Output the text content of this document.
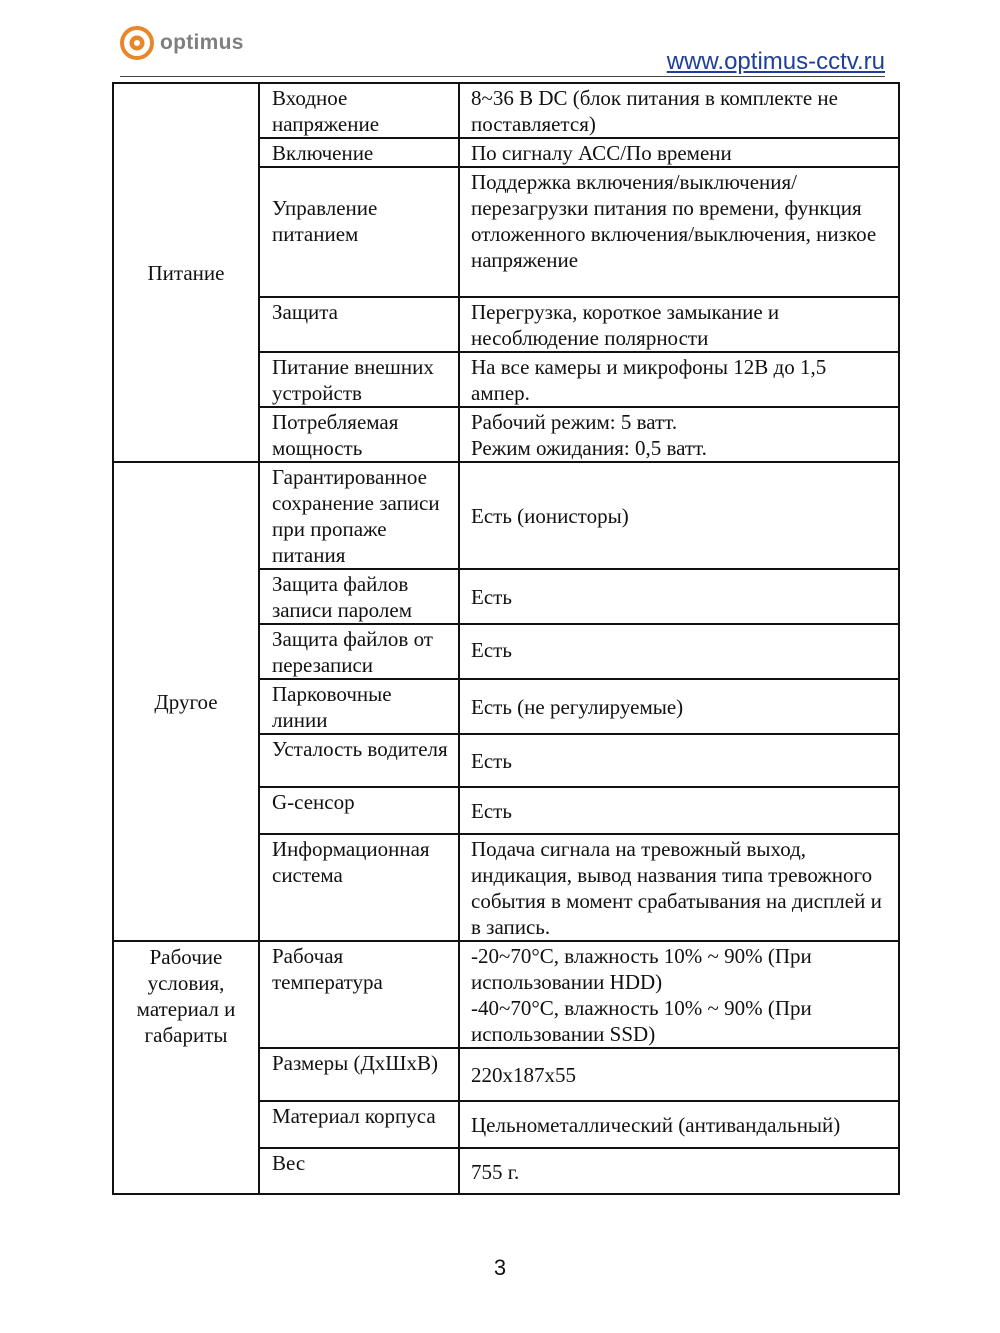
optimus
www.optimus-cctv.ru
Питание	Входное напряжение	8~36 В DC (блок питания в комплекте не поставляется)
	Включение	По сигналу АСС/По времени
	Управление питанием	Поддержка включения/выключения/ перезагрузки питания по времени, функция отложенного включения/выключения, низкое напряжение
	Защита	Перегрузка, короткое замыкание и несоблюдение полярности
	Питание внешних устройств	На все камеры и микрофоны 12В до 1,5 ампер.
	Потребляемая мощность	Рабочий режим: 5 ватт.
Режим ожидания: 0,5 ватт.

Другое	Гарантированное сохранение записи при пропаже питания	Есть (ионисторы)
	Защита файлов записи паролем	Есть
	Защита файлов от перезаписи	Есть
	Парковочные линии	Есть (не регулируемые)
	Усталость водителя	Есть
	G-сенсор	Есть
	Информационная система	Подача сигнала на тревожный выход, индикация, вывод названия типа тревожного события в момент срабатывания на дисплей и в запись.
Рабочие условия, материал и габариты	Рабочая температура	-20~70°С, влажность 10% ~ 90% (При использовании HDD)
-40~70°С, влажность 10% ~ 90% (При использовании SSD)

	Размеры (ДхШхВ)	220х187х55
	Материал корпуса	Цельнометаллический (антивандальный)
	Вес	755 г.
3
